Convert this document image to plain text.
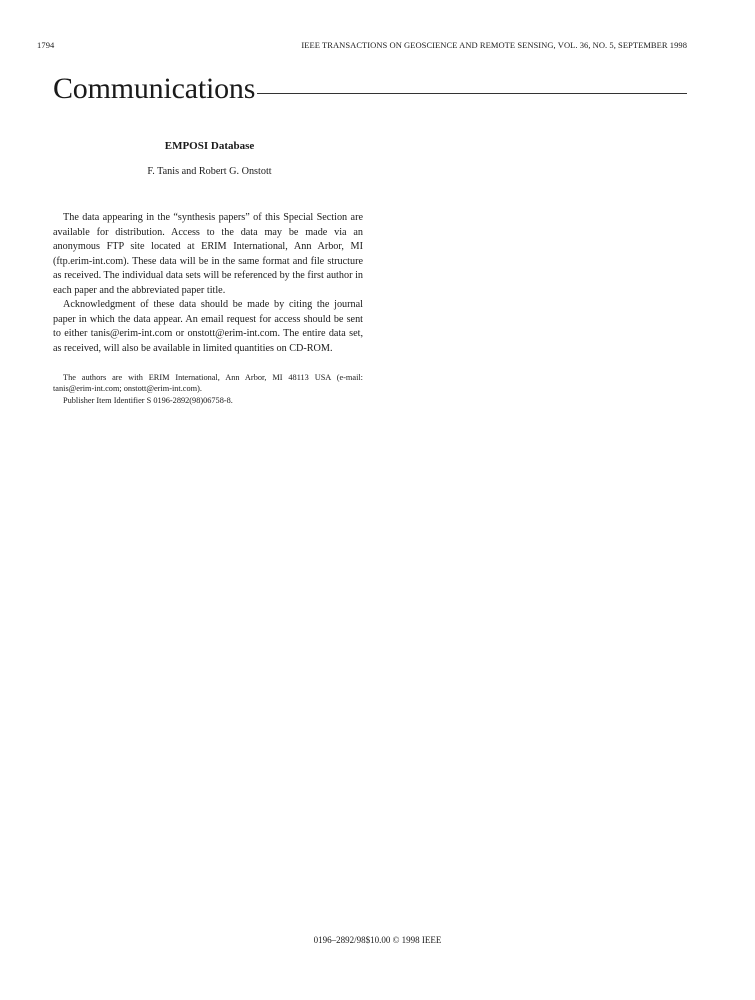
1794	IEEE TRANSACTIONS ON GEOSCIENCE AND REMOTE SENSING, VOL. 36, NO. 5, SEPTEMBER 1998
Communications
EMPOSI Database
F. Tanis and Robert G. Onstott

The data appearing in the “synthesis papers” of this Special Section are available for distribution. Access to the data may be made via an anonymous FTP site located at ERIM International, Ann Arbor, MI (ftp.erim-int.com). These data will be in the same format and file structure as received. The individual data sets will be referenced by the first author in each paper and the abbreviated paper title.

Acknowledgment of these data should be made by citing the journal paper in which the data appear. An email request for access should be sent to either tanis@erim-int.com or onstott@erim-int.com. The entire data set, as received, will also be available in limited quantities on CD-ROM.

The authors are with ERIM International, Ann Arbor, MI 48113 USA (e-mail: tanis@erim-int.com; onstott@erim-int.com).

Publisher Item Identifier S 0196-2892(98)06758-8.

0196–2892/98$10.00 © 1998 IEEE
